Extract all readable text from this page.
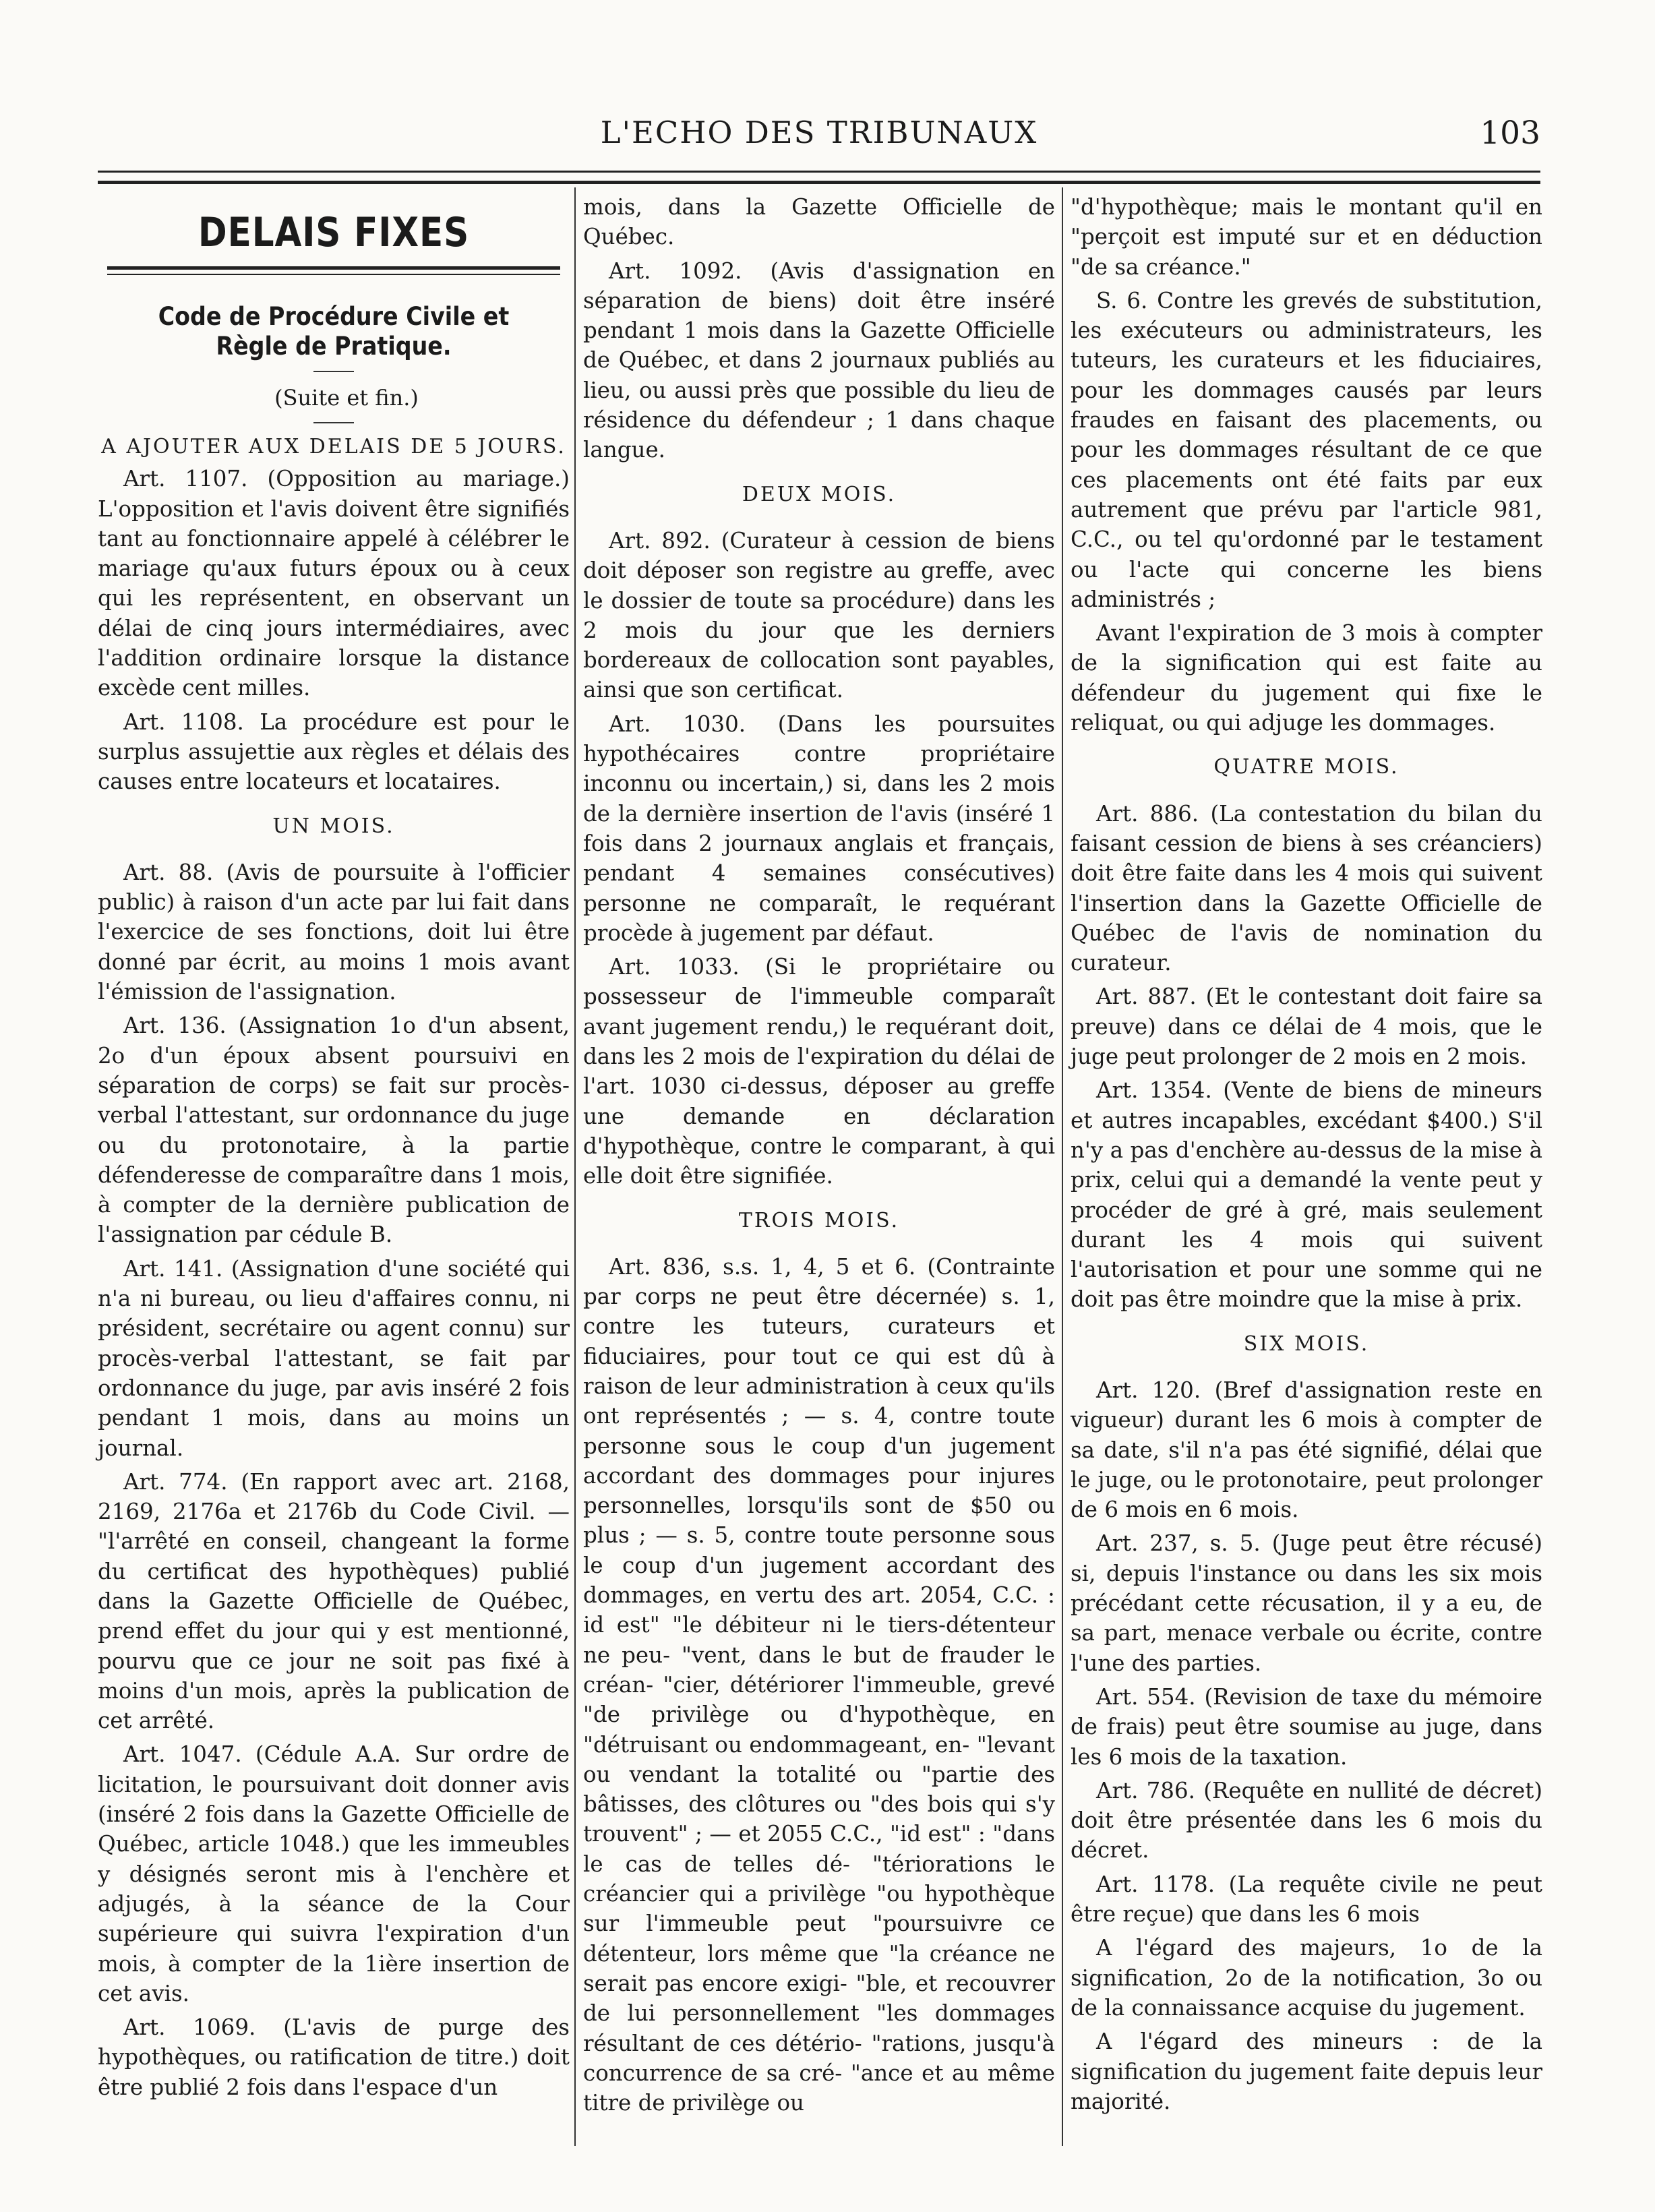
L'ECHO DES TRIBUNAUX	103
DELAIS FIXES
Code de Procédure Civile et Règle de Pratique.

(Suite et fin.)

A AJOUTER AUX DELAIS DE 5 JOURS.

Art. 1107. (Opposition au mariage.) L'opposition et l'avis doivent être signifiés tant au fonctionnaire appelé à célébrer le mariage qu'aux futurs époux ou à ceux qui les représentent, en observant un délai de cinq jours intermédiaires, avec l'addition ordinaire lorsque la distance excède cent milles.

Art. 1108. La procédure est pour le surplus assujettie aux règles et délais des causes entre locateurs et locataires.

UN MOIS.

Art. 88. (Avis de poursuite à l'officier public) à raison d'un acte par lui fait dans l'exercice de ses fonctions, doit lui être donné par écrit, au moins 1 mois avant l'émission de l'assignation.

Art. 136. (Assignation 1o d'un absent, 2o d'un époux absent poursuivi en séparation de corps) se fait sur procès-verbal l'attestant, sur ordonnance du juge ou du protonotaire, à la partie défenderesse de comparaître dans 1 mois, à compter de la dernière publication de l'assignation par cédule B.

Art. 141. (Assignation d'une société qui n'a ni bureau, ou lieu d'affaires connu, ni président, secrétaire ou agent connu) sur procès-verbal l'attestant, se fait par ordonnance du juge, par avis inséré 2 fois pendant 1 mois, dans au moins un journal.

Art. 774. (En rapport avec art. 2168, 2169, 2176a et 2176b du Code Civil. — "l'arrêté en conseil, changeant la forme du certificat des hypothèques) publié dans la Gazette Officielle de Québec, prend effet du jour qui y est mentionné, pourvu que ce jour ne soit pas fixé à moins d'un mois, après la publication de cet arrêté.

Art. 1047. (Cédule A.A. Sur ordre de licitation, le poursuivant doit donner avis (inséré 2 fois dans la Gazette Officielle de Québec, article 1048.) que les immeubles y désignés seront mis à l'enchère et adjugés, à la séance de la Cour supérieure qui suivra l'expiration d'un mois, à compter de la 1ière insertion de cet avis.

Art. 1069. (L'avis de purge des hypothèques, ou ratification de titre.) doit être publié 2 fois dans l'espace d'un

mois, dans la Gazette Officielle de Québec.

Art. 1092. (Avis d'assignation en séparation de biens) doit être inséré pendant 1 mois dans la Gazette Officielle de Québec, et dans 2 journaux publiés au lieu, ou aussi près que possible du lieu de résidence du défendeur ; 1 dans chaque langue.

DEUX MOIS.

Art. 892. (Curateur à cession de biens doit déposer son registre au greffe, avec le dossier de toute sa procédure) dans les 2 mois du jour que les derniers bordereaux de collocation sont payables, ainsi que son certificat.

Art. 1030. (Dans les poursuites hypothécaires contre propriétaire inconnu ou incertain,) si, dans les 2 mois de la dernière insertion de l'avis (inséré 1 fois dans 2 journaux anglais et français, pendant 4 semaines consécutives) personne ne comparaît, le requérant procède à jugement par défaut.

Art. 1033. (Si le propriétaire ou possesseur de l'immeuble comparaît avant jugement rendu,) le requérant doit, dans les 2 mois de l'expiration du délai de l'art. 1030 ci-dessus, déposer au greffe une demande en déclaration d'hypothèque, contre le comparant, à qui elle doit être signifiée.

TROIS MOIS.

Art. 836, s.s. 1, 4, 5 et 6. (Contrainte par corps ne peut être décernée) s. 1, contre les tuteurs, curateurs et fiduciaires, pour tout ce qui est dû à raison de leur administration à ceux qu'ils ont représentés ; — s. 4, contre toute personne sous le coup d'un jugement accordant des dommages pour injures personnelles, lorsqu'ils sont de $50 ou plus ; — s. 5, contre toute personne sous le coup d'un jugement accordant des dommages, en vertu des art. 2054, C.C. : id est" "le débiteur ni le tiers-détenteur ne peu- "vent, dans le but de frauder le créan- "cier, détériorer l'immeuble, grevé "de privilège ou d'hypothèque, en "détruisant ou endommageant, en- "levant ou vendant la totalité ou "partie des bâtisses, des clôtures ou "des bois qui s'y trouvent" ; — et 2055 C.C., "id est" : "dans le cas de telles dé- "tériorations le créancier qui a privilège "ou hypothèque sur l'immeuble peut "poursuivre ce détenteur, lors même que "la créance ne serait pas encore exigi- "ble, et recouvrer de lui personnellement "les dommages résultant de ces détério- "rations, jusqu'à concurrence de sa cré- "ance et au même titre de privilège ou

"d'hypothèque; mais le montant qu'il en "perçoit est imputé sur et en déduction "de sa créance."

S. 6. Contre les grevés de substitution, les exécuteurs ou administrateurs, les tuteurs, les curateurs et les fiduciaires, pour les dommages causés par leurs fraudes en faisant des placements, ou pour les dommages résultant de ce que ces placements ont été faits par eux autrement que prévu par l'article 981, C.C., ou tel qu'ordonné par le testament ou l'acte qui concerne les biens administrés ;

Avant l'expiration de 3 mois à compter de la signification qui est faite au défendeur du jugement qui fixe le reliquat, ou qui adjuge les dommages.

QUATRE MOIS.

Art. 886. (La contestation du bilan du faisant cession de biens à ses créanciers) doit être faite dans les 4 mois qui suivent l'insertion dans la Gazette Officielle de Québec de l'avis de nomination du curateur.

Art. 887. (Et le contestant doit faire sa preuve) dans ce délai de 4 mois, que le juge peut prolonger de 2 mois en 2 mois.

Art. 1354. (Vente de biens de mineurs et autres incapables, excédant $400.) S'il n'y a pas d'enchère au-dessus de la mise à prix, celui qui a demandé la vente peut y procéder de gré à gré, mais seulement durant les 4 mois qui suivent l'autorisation et pour une somme qui ne doit pas être moindre que la mise à prix.

SIX MOIS.

Art. 120. (Bref d'assignation reste en vigueur) durant les 6 mois à compter de sa date, s'il n'a pas été signifié, délai que le juge, ou le protonotaire, peut prolonger de 6 mois en 6 mois.

Art. 237, s. 5. (Juge peut être récusé) si, depuis l'instance ou dans les six mois précédant cette récusation, il y a eu, de sa part, menace verbale ou écrite, contre l'une des parties.

Art. 554. (Revision de taxe du mémoire de frais) peut être soumise au juge, dans les 6 mois de la taxation.

Art. 786. (Requête en nullité de décret) doit être présentée dans les 6 mois du décret.

Art. 1178. (La requête civile ne peut être reçue) que dans les 6 mois

A l'égard des majeurs, 1o de la signification, 2o de la notification, 3o ou de la connaissance acquise du jugement.

A l'égard des mineurs : de la signification du jugement faite depuis leur majorité.
